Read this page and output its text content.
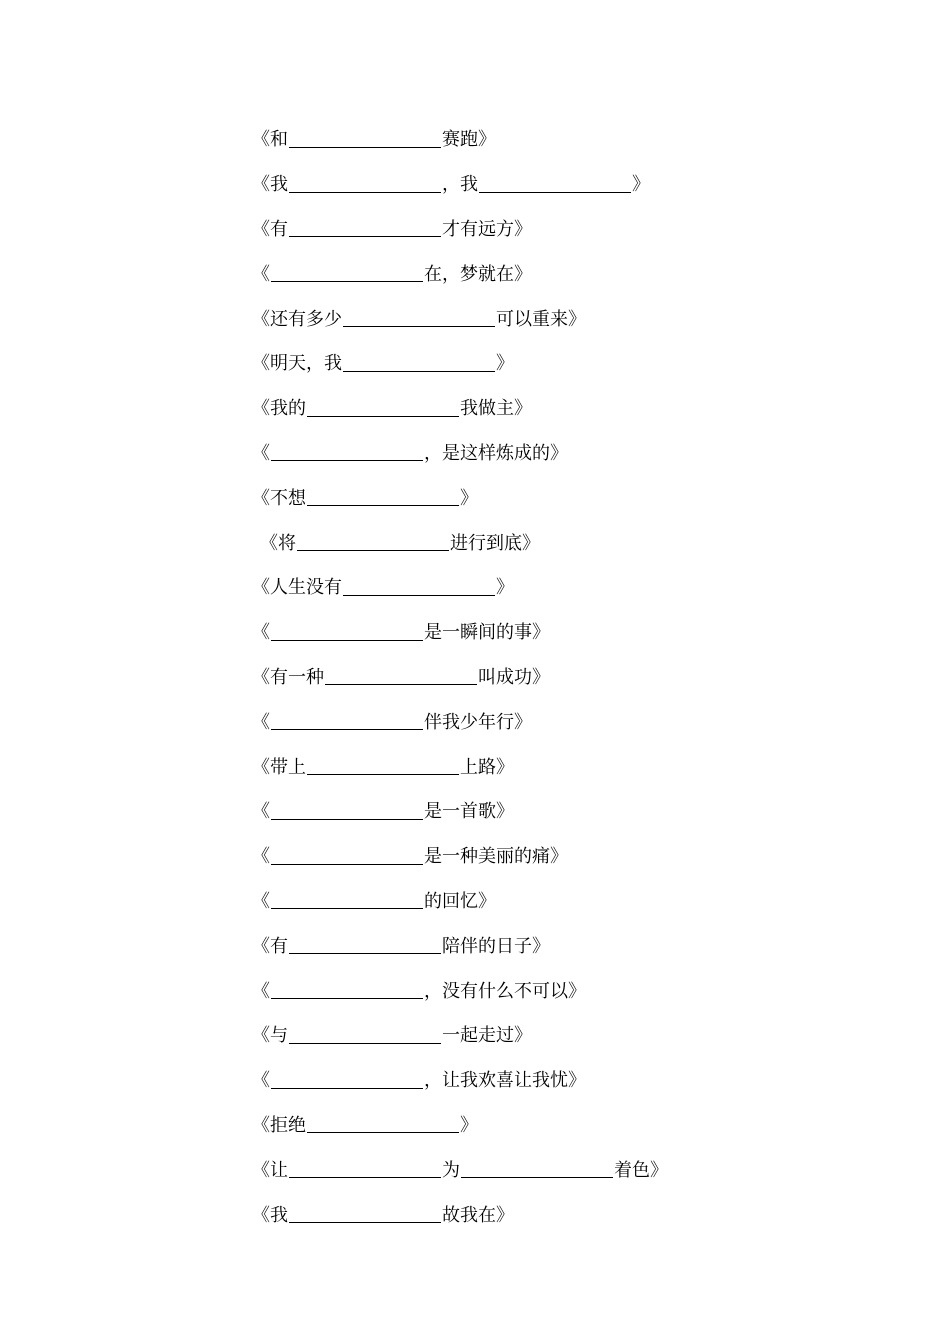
《和	赛跑》
《我	，我	》
《有	才有远方》
《	在，梦就在》
《还有多少	可以重来》
《明天，我	》
《我的	我做主》
《	，是这样炼成的》
《不想	》
《将	进行到底》
《人生没有	》
《	是一瞬间的事》
《有一种	叫成功》
《	伴我少年行》
《带上	上路》
《	是一首歌》
《	是一种美丽的痛》
《	的回忆》
《有	陪伴的日子》
《	，没有什么不可以》
《与	一起走过》
《	，让我欢喜让我忧》
《拒绝	》
《让	为	着色》
《我	故我在》
